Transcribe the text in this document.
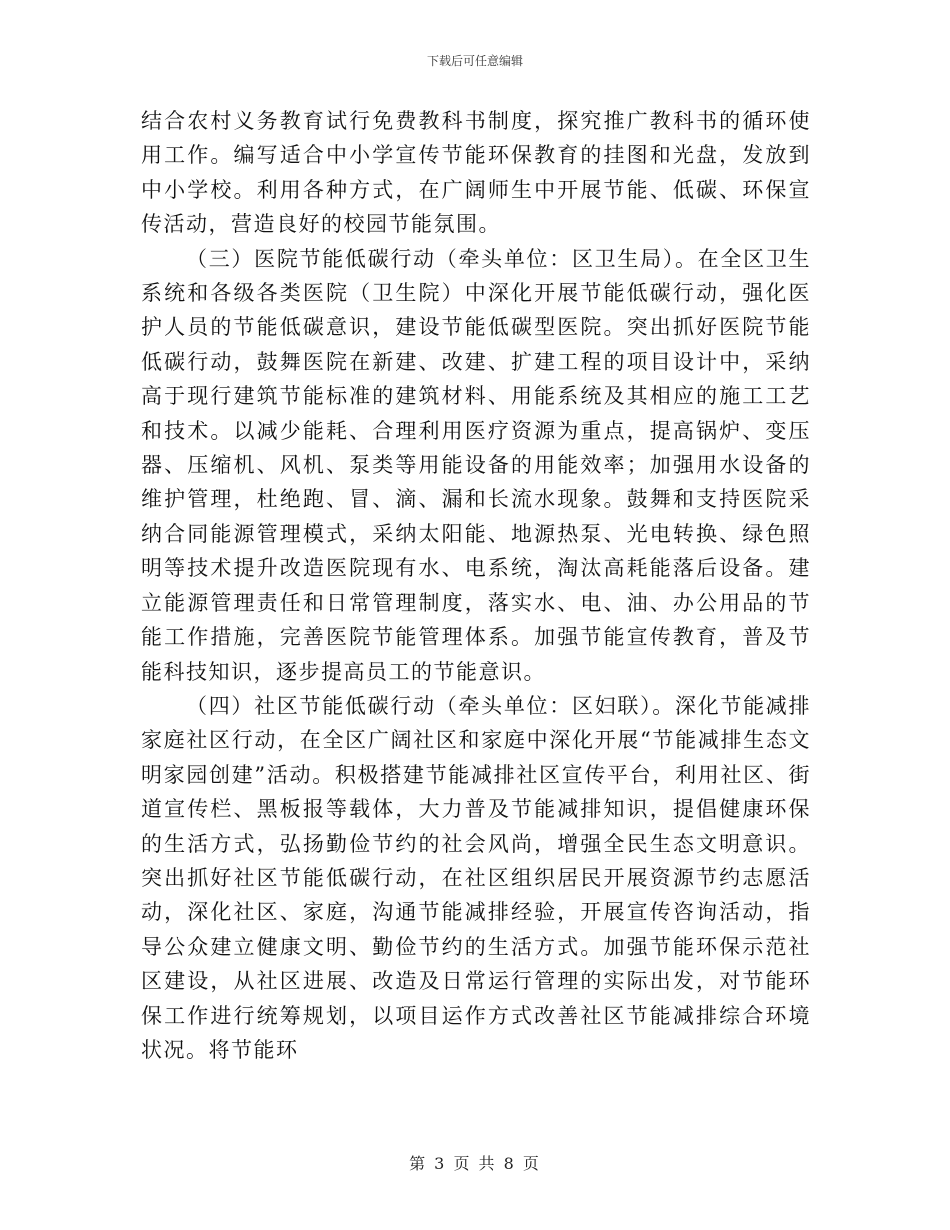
下载后可任意编辑

结合农村义务教育试行免费教科书制度，探究推广教科书的循环使用工作。编写适合中小学宣传节能环保教育的挂图和光盘，发放到中小学校。利用各种方式，在广阔师生中开展节能、低碳、环保宣传活动，营造良好的校园节能氛围。

（三）医院节能低碳行动（牵头单位：区卫生局）。在全区卫生系统和各级各类医院（卫生院）中深化开展节能低碳行动，强化医护人员的节能低碳意识，建设节能低碳型医院。突出抓好医院节能低碳行动，鼓舞医院在新建、改建、扩建工程的项目设计中，采纳高于现行建筑节能标准的建筑材料、用能系统及其相应的施工工艺和技术。以减少能耗、合理利用医疗资源为重点，提高锅炉、变压器、压缩机、风机、泵类等用能设备的用能效率；加强用水设备的维护管理，杜绝跑、冒、滴、漏和长流水现象。鼓舞和支持医院采纳合同能源管理模式，采纳太阳能、地源热泵、光电转换、绿色照明等技术提升改造医院现有水、电系统，淘汰高耗能落后设备。建立能源管理责任和日常管理制度，落实水、电、油、办公用品的节能工作措施，完善医院节能管理体系。加强节能宣传教育，普及节能科技知识，逐步提高员工的节能意识。

（四）社区节能低碳行动（牵头单位：区妇联）。深化节能减排家庭社区行动，在全区广阔社区和家庭中深化开展“节能减排生态文明家园创建”活动。积极搭建节能减排社区宣传平台，利用社区、街道宣传栏、黑板报等载体，大力普及节能减排知识，提倡健康环保的生活方式，弘扬勤俭节约的社会风尚，增强全民生态文明意识。突出抓好社区节能低碳行动，在社区组织居民开展资源节约志愿活动，深化社区、家庭，沟通节能减排经验，开展宣传咨询活动，指导公众建立健康文明、勤俭节约的生活方式。加强节能环保示范社区建设，从社区进展、改造及日常运行管理的实际出发，对节能环保工作进行统筹规划，以项目运作方式改善社区节能减排综合环境状况。将节能环

第 3 页 共 8 页
